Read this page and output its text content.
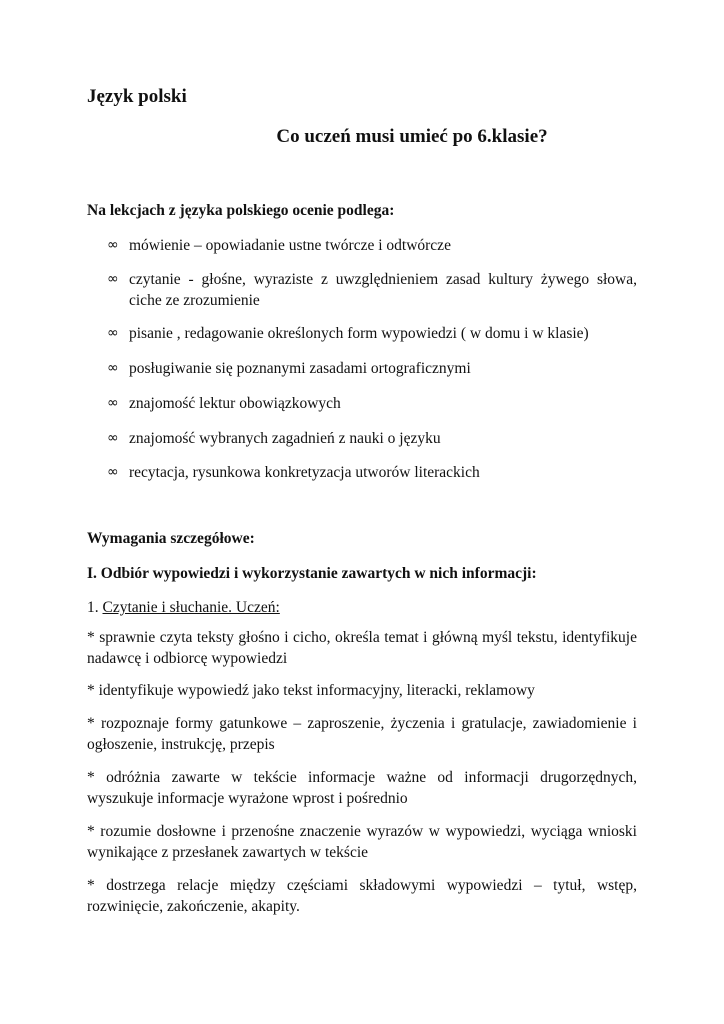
Język polski
Co uczeń musi umieć po 6.klasie?
Na lekcjach z języka polskiego ocenie podlega:
∞ mówienie – opowiadanie ustne twórcze i odtwórcze
∞ czytanie - głośne, wyraziste z uwzględnieniem zasad kultury żywego słowa, ciche ze zrozumienie
∞ pisanie , redagowanie określonych form wypowiedzi ( w domu i w klasie)
∞ posługiwanie się poznanymi zasadami ortograficznymi
∞ znajomość lektur obowiązkowych
∞ znajomość wybranych zagadnień z nauki o języku
∞ recytacja, rysunkowa konkretyzacja utworów literackich
Wymagania szczegółowe:
I. Odbiór wypowiedzi i wykorzystanie zawartych w nich informacji:
1. Czytanie i słuchanie. Uczeń:
* sprawnie czyta teksty głośno i cicho, określa temat i główną myśl tekstu, identyfikuje nadawcę i odbiorcę wypowiedzi
* identyfikuje wypowiedź jako tekst informacyjny, literacki, reklamowy
* rozpoznaje formy gatunkowe – zaproszenie, życzenia i gratulacje, zawiadomienie i ogłoszenie, instrukcję, przepis
* odróżnia zawarte w tekście informacje ważne od informacji drugorzędnych, wyszukuje informacje wyrażone wprost i pośrednio
* rozumie dosłowne i przenośne znaczenie wyrazów w wypowiedzi, wyciąga wnioski wynikające z przesłanek zawartych w tekście
* dostrzega relacje między częściami składowymi wypowiedzi – tytuł, wstęp, rozwinięcie, zakończenie, akapity.
